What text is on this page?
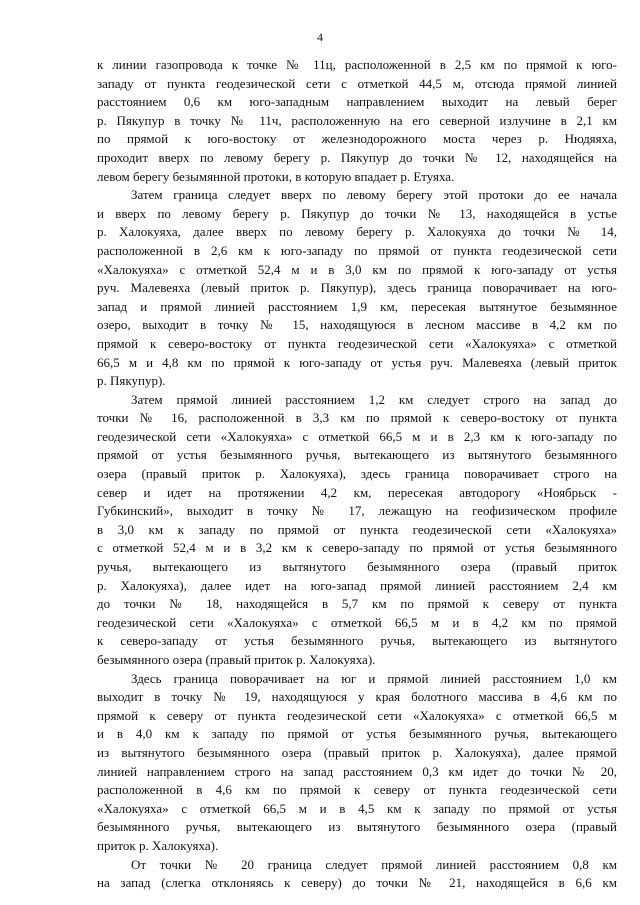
4
к линии газопровода к точке № 11ц, расположенной в 2,5 км по прямой к юго-
западу от пункта геодезической сети с отметкой 44,5 м, отсюда прямой линией
расстоянием 0,6 км юго-западным направлением выходит на левый берег
р. Пякупур в точку № 11ч, расположенную на его северной излучине в 2,1 км
по прямой к юго-востоку от железнодорожного моста через р. Нюдяяха,
проходит вверх по левому берегу р. Пякупур до точки № 12, находящейся на
левом берегу безымянной протоки, в которую впадает р. Етуяха.
Затем граница следует вверх по левому берегу этой протоки до ее начала
и вверх по левому берегу р. Пякупур до точки № 13, находящейся в устье
р. Халокуяха, далее вверх по левому берегу р. Халокуяха до точки № 14,
расположенной в 2,6 км к юго-западу по прямой от пункта геодезической сети
«Халокуяха» с отметкой 52,4 м и в 3,0 км по прямой к юго-западу от устья
руч. Малевеяха (левый приток р. Пякупур), здесь граница поворачивает на юго-
запад и прямой линией расстоянием 1,9 км, пересекая вытянутое безымянное
озеро, выходит в точку № 15, находящуюся в лесном массиве в 4,2 км по
прямой к северо-востоку от пункта геодезической сети «Халокуяха» с отметкой
66,5 м и 4,8 км по прямой к юго-западу от устья руч. Малевеяха (левый приток
р. Пякупур).
Затем прямой линией расстоянием 1,2 км следует строго на запад до
точки № 16, расположенной в 3,3 км по прямой к северо-востоку от пункта
геодезической сети «Халокуяха» с отметкой 66,5 м и в 2,3 км к юго-западу по
прямой от устья безымянного ручья, вытекающего из вытянутого безымянного
озера (правый приток р. Халокуяха), здесь граница поворачивает строго на
север и идет на протяжении 4,2 км, пересекая автодорогу «Ноябрьск -
Губкинский», выходит в точку № 17, лежащую на геофизическом профиле
в 3,0 км к западу по прямой от пункта геодезической сети «Халокуяха»
с отметкой 52,4 м и в 3,2 км к северо-западу по прямой от устья безымянного
ручья, вытекающего из вытянутого безымянного озера (правый приток
р. Халокуяха), далее идет на юго-запад прямой линией расстоянием 2,4 км
до точки № 18, находящейся в 5,7 км по прямой к северу от пункта
геодезической сети «Халокуяха» с отметкой 66,5 м и в 4,2 км по прямой
к северо-западу от устья безымянного ручья, вытекающего из вытянутого
безымянного озера (правый приток р. Халокуяха).
Здесь граница поворачивает на юг и прямой линией расстоянием 1,0 км
выходит в точку № 19, находящуюся у края болотного массива в 4,6 км по
прямой к северу от пункта геодезической сети «Халокуяха» с отметкой 66,5 м
и в 4,0 км к западу по прямой от устья безымянного ручья, вытекающего
из вытянутого безымянного озера (правый приток р. Халокуяха), далее прямой
линией направлением строго на запад расстоянием 0,3 км идет до точки № 20,
расположенной в 4,6 км по прямой к северу от пункта геодезической сети
«Халокуяха» с отметкой 66,5 м и в 4,5 км к западу по прямой от устья
безымянного ручья, вытекающего из вытянутого безымянного озера (правый
приток р. Халокуяха).
От точки № 20 граница следует прямой линией расстоянием 0,8 км
на запад (слегка отклоняясь к северу) до точки № 21, находящейся в 6,6 км
